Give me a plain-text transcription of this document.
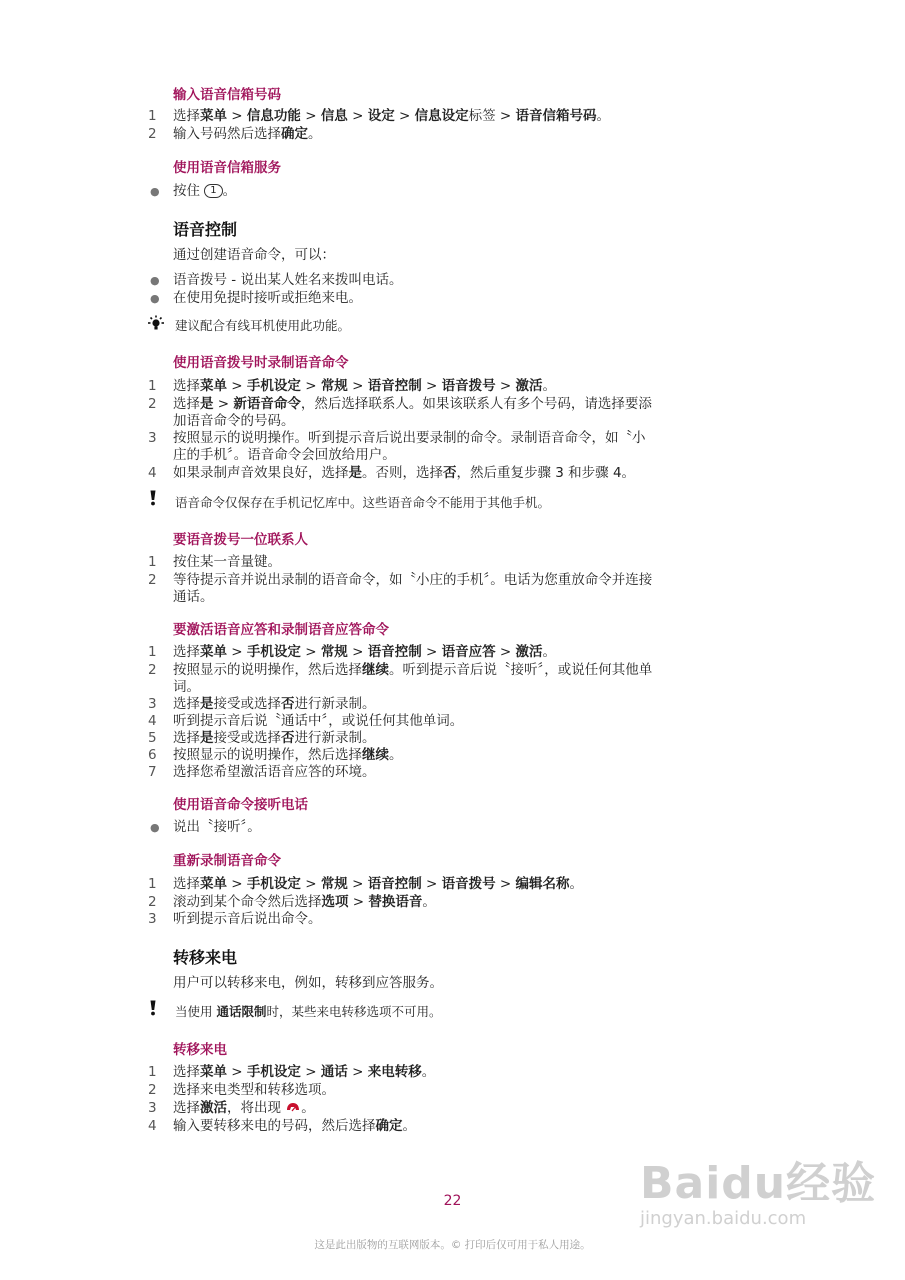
输入语音信箱号码
1	选择菜单 > 信息功能 > 信息 > 设定 > 信息设定标签 > 语音信箱号码。
2	输入号码然后选择确定。
使用语音信箱服务
● 按住 1 。
语音控制
通过创建语音命令，可以：
● 语音拨号 - 说出某人姓名来拨叫电话。
● 在使用免提时接听或拒绝来电。
建议配合有线耳机使用此功能。
使用语音拨号时录制语音命令
1	选择菜单 > 手机设定 > 常规 > 语音控制 > 语音拨号 > 激活。
2	选择是 > 新语音命令，然后选择联系人。如果该联系人有多个号码，请选择要添
加语音命令的号码。
3	按照显示的说明操作。听到提示音后说出要录制的命令。录制语音命令，如〝小
庄的手机〞。语音命令会回放给用户。
4	如果录制声音效果良好，选择是。否则，选择否，然后重复步骤 3 和步骤 4。
语音命令仅保存在手机记忆库中。这些语音命令不能用于其他手机。
要语音拨号一位联系人
1	按住某一音量键。
2	等待提示音并说出录制的语音命令，如〝小庄的手机〞。电话为您重放命令并连接
通话。
要激活语音应答和录制语音应答命令
1	选择菜单 > 手机设定 > 常规 > 语音控制 > 语音应答 > 激活。
2	按照显示的说明操作，然后选择继续。听到提示音后说〝接听〞，或说任何其他单
词。
3	选择是接受或选择否进行新录制。
4	听到提示音后说〝通话中〞，或说任何其他单词。
5	选择是接受或选择否进行新录制。
6	按照显示的说明操作，然后选择继续。
7	选择您希望激活语音应答的环境。
使用语音命令接听电话
● 说出〝接听〞。
重新录制语音命令
1	选择菜单 > 手机设定 > 常规 > 语音控制 > 语音拨号 > 编辑名称。
2	滚动到某个命令然后选择选项 > 替换语音。
3	听到提示音后说出命令。
转移来电
用户可以转移来电，例如，转移到应答服务。
当使用 通话限制时，某些来电转移选项不可用。
转移来电
1	选择菜单 > 手机设定 > 通话 > 来电转移。
2	选择来电类型和转移选项。
3	选择激活，将出现 。
4	输入要转移来电的号码，然后选择确定。
22
这是此出版物的互联网版本。© 打印后仅可用于私人用途。
Baidu经验
jingyan.baidu.com
